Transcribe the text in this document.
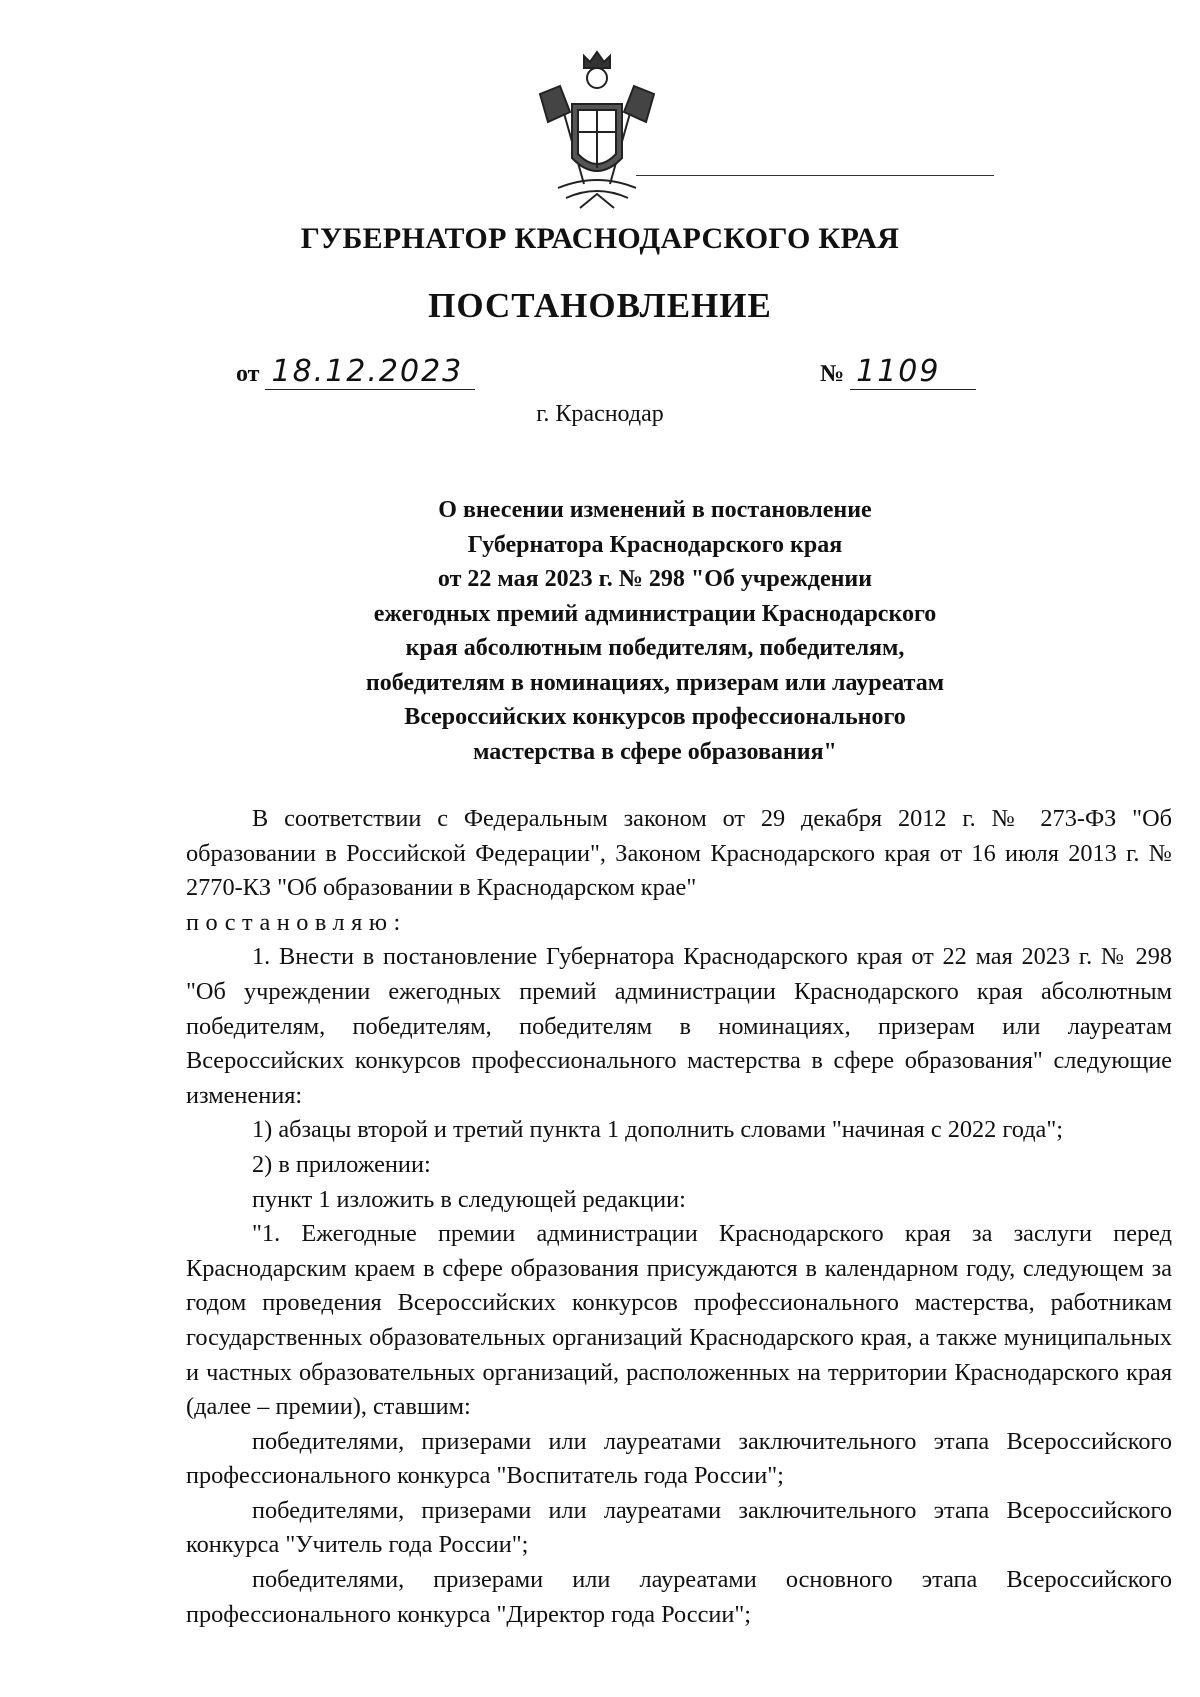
ГУБЕРНАТОР КРАСНОДАРСКОГО КРАЯ
ПОСТАНОВЛЕНИЕ
от 18.12.2023	№ 1109
г. Краснодар
О внесении изменений в постановление
Губернатора Краснодарского края
от 22 мая 2023 г. № 298 "Об учреждении
ежегодных премий администрации Краснодарского
края абсолютным победителям, победителям,
победителям в номинациях, призерам или лауреатам
Всероссийских конкурсов профессионального
мастерства в сфере образования"

В соответствии с Федеральным законом от 29 декабря 2012 г. № 273-ФЗ "Об образовании в Российской Федерации", Законом Краснодарского края от 16 июля 2013 г. № 2770-КЗ "Об образовании в Краснодарском крае"

постановляю:

1. Внести в постановление Губернатора Краснодарского края от 22 мая 2023 г. № 298 "Об учреждении ежегодных премий администрации Краснодарского края абсолютным победителям, победителям, победителям в номинациях, призерам или лауреатам Всероссийских конкурсов профессионального мастерства в сфере образования" следующие изменения:

1) абзацы второй и третий пункта 1 дополнить словами "начиная с 2022 года";

2) в приложении:

пункт 1 изложить в следующей редакции:

"1. Ежегодные премии администрации Краснодарского края за заслуги перед Краснодарским краем в сфере образования присуждаются в календарном году, следующем за годом проведения Всероссийских конкурсов профессионального мастерства, работникам государственных образовательных организаций Краснодарского края, а также муниципальных и частных образовательных организаций, расположенных на территории Краснодарского края (далее – премии), ставшим:

победителями, призерами или лауреатами заключительного этапа Всероссийского профессионального конкурса "Воспитатель года России";

победителями, призерами или лауреатами заключительного этапа Всероссийского конкурса "Учитель года России";

победителями, призерами или лауреатами основного этапа Всероссийского профессионального конкурса "Директор года России";
